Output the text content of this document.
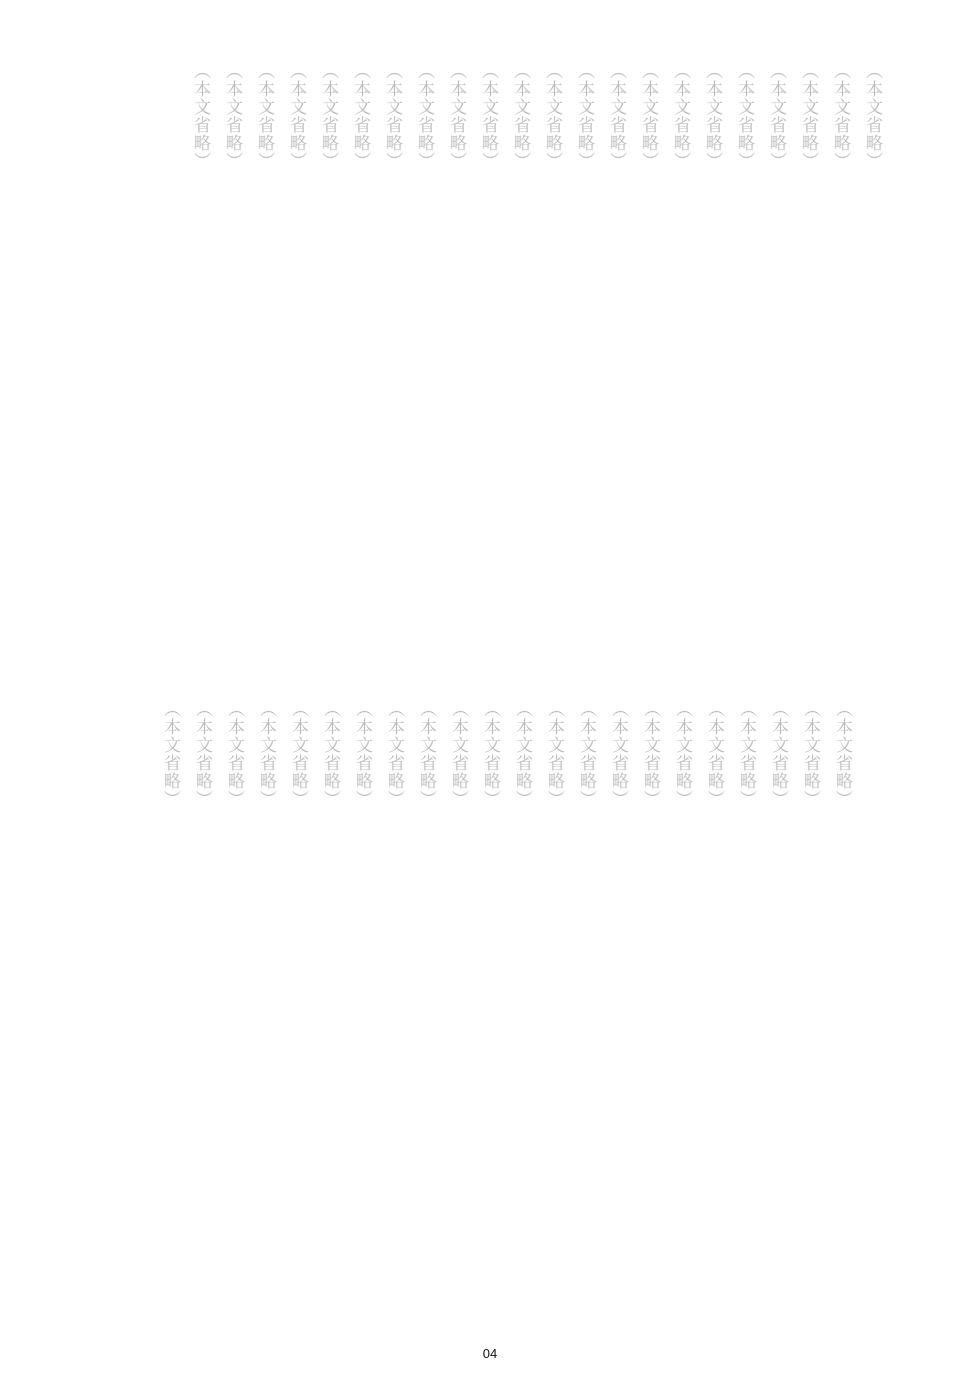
（本文省略）
（本文省略）
（本文省略）
（本文省略）
（本文省略）
（本文省略）
（本文省略）
（本文省略）
（本文省略）
（本文省略）
（本文省略）
（本文省略）
（本文省略）
（本文省略）
（本文省略）
（本文省略）
（本文省略）
（本文省略）
（本文省略）
（本文省略）
（本文省略）
（本文省略）
（本文省略）
（本文省略）
（本文省略）
（本文省略）
（本文省略）
（本文省略）
（本文省略）
（本文省略）
（本文省略）
（本文省略）
（本文省略）
（本文省略）
（本文省略）
（本文省略）
（本文省略）
（本文省略）
（本文省略）
（本文省略）
（本文省略）
（本文省略）
（本文省略）
（本文省略）
04
